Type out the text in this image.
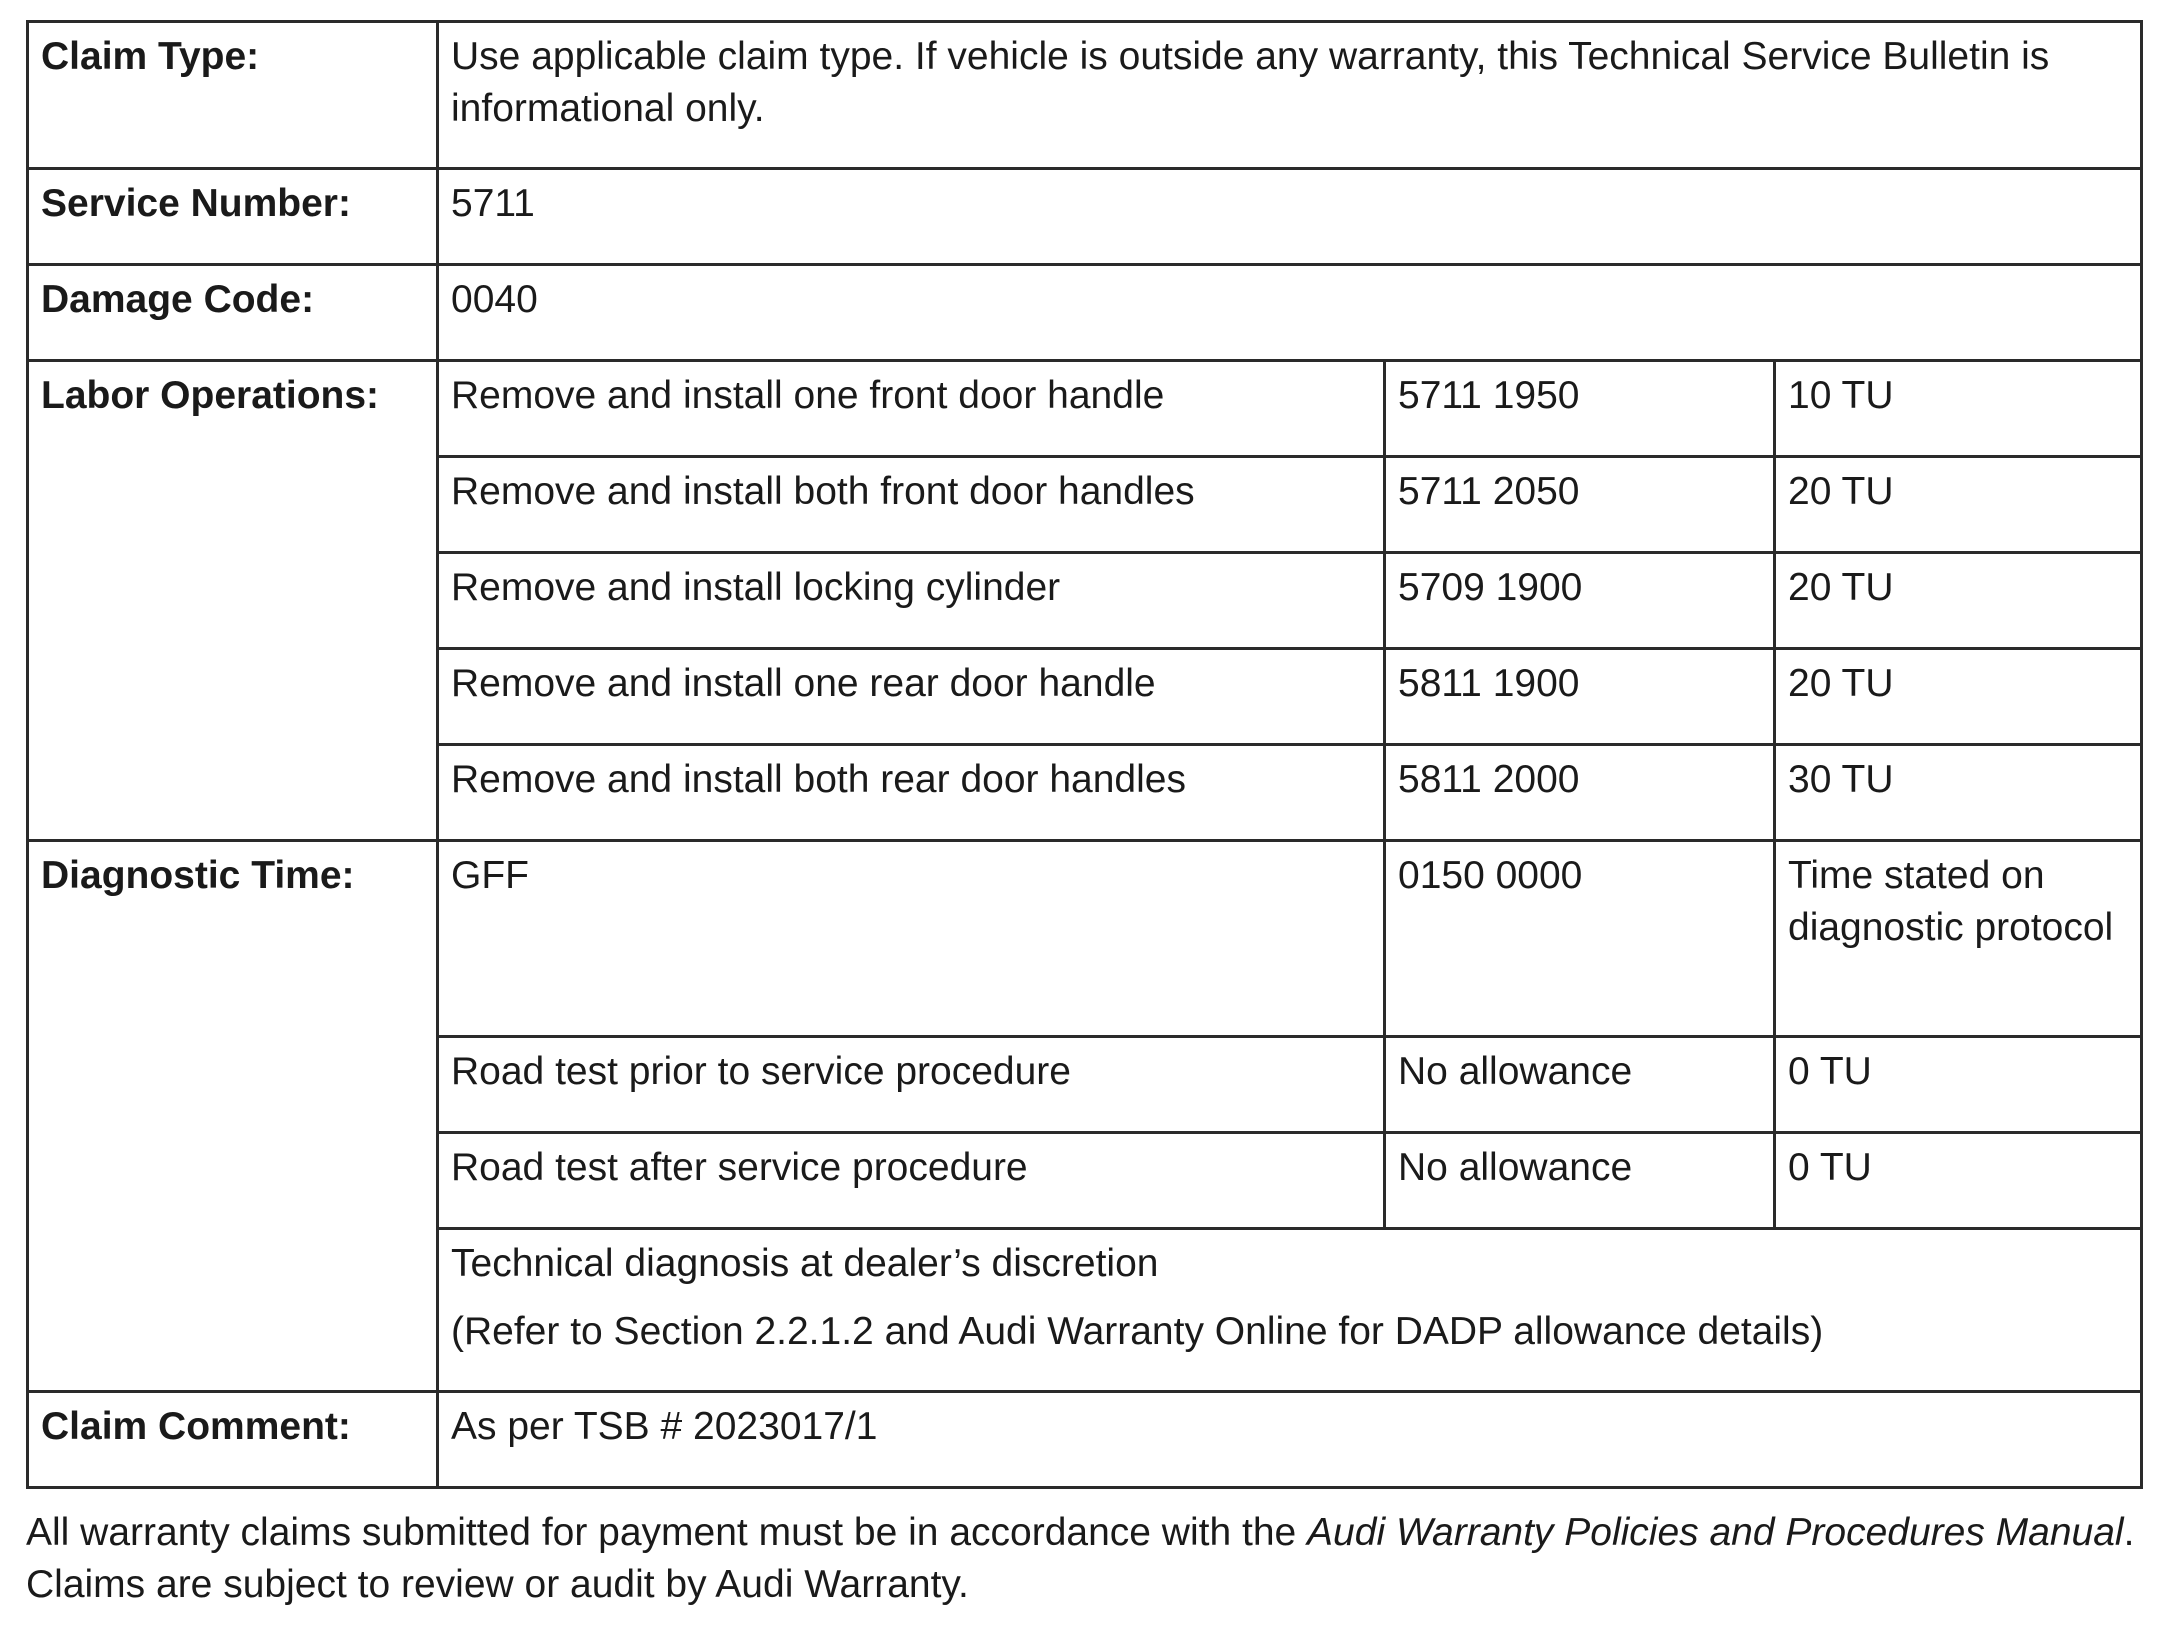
Claim Type:	Use applicable claim type. If vehicle is outside any warranty, this Technical Service Bulletin is informational only.		
Service Number:	5711		
Damage Code:	0040		
Labor Operations:	Remove and install one front door handle	5711 1950	10 TU
	Remove and install both front door handles	5711 2050	20 TU
	Remove and install locking cylinder	5709 1900	20 TU
	Remove and install one rear door handle	5811 1900	20 TU
	Remove and install both rear door handles	5811 2000	30 TU
Diagnostic Time:	GFF	0150 0000	Time stated on diagnostic protocol
	Road test prior to service procedure	No allowance	0 TU
	Road test after service procedure	No allowance	0 TU

	Technical diagnosis at dealer’s discretion
(Refer to Section 2.2.1.2 and Audi Warranty Online for DADP allowance details)		

Claim Comment:	As per TSB # 2023017/1		

All warranty claims submitted for payment must be in accordance with the Audi Warranty Policies and Procedures Manual. Claims are subject to review or audit by Audi Warranty.
